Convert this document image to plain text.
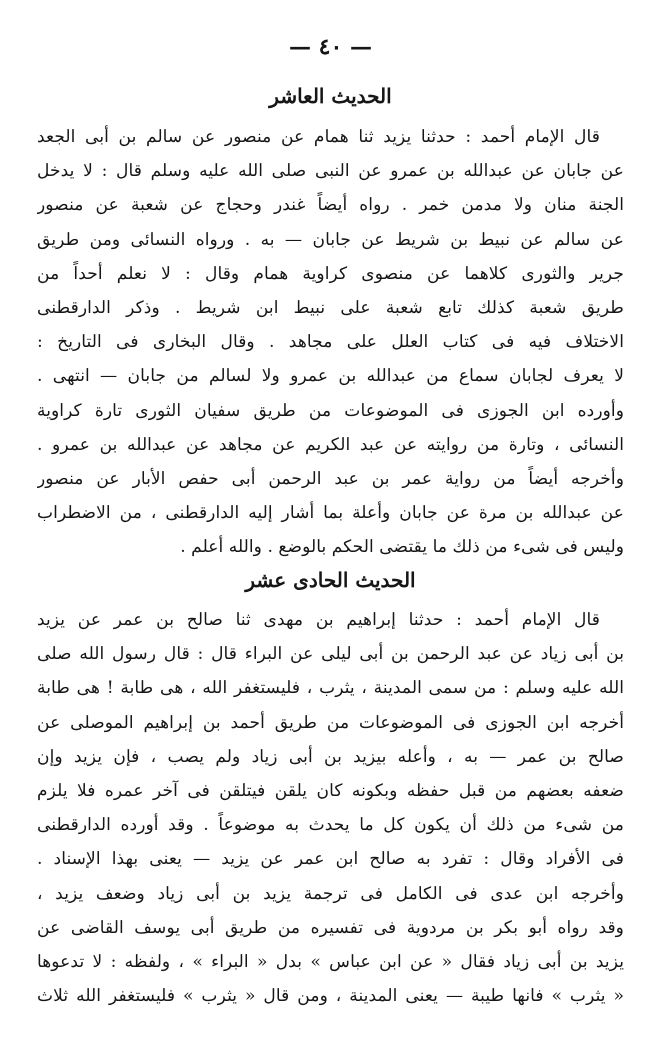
— ٤٠ —
الحديث العاشر
قال الإمام أحمد : حدثنا يزيد ثنا همام عن منصور عن سالم بن أبى الجعد
عن جابان عن عبدالله بن عمرو عن النبى صلى الله عليه وسلم قال : لا يدخل
الجنة منان ولا مدمن خمر . رواه أيضاً غندر وحجاج عن شعبة عن منصور
عن سالم عن نبيط بن شريط عن جابان — به . ورواه النسائى ومن طريق
جرير والثورى كلاهما عن منصوى كراوية همام وقال : لا نعلم أحداً من
طريق شعبة كذلك تابع شعبة على نبيط ابن شريط . وذكر الدارقطنى
الاختلاف فيه فى كتاب العلل على مجاهد . وقال البخارى فى التاريخ :
لا يعرف لجابان سماع من عبدالله بن عمرو ولا لسالم من جابان — انتهى .
وأورده ابن الجوزى فى الموضوعات من طريق سفيان الثورى تارة كراوية
النسائى ، وتارة من روايته عن عبد الكريم عن مجاهد عن عبدالله بن عمرو .
وأخرجه أيضاً من رواية عمر بن عبد الرحمن أبى حفص الأبار عن منصور
عن عبدالله بن مرة عن جابان وأعلة بما أشار إليه الدارقطنى ، من الاضطراب
وليس فى شىء من ذلك ما يقتضى الحكم بالوضع . والله أعلم .
الحديث الحادى عشر
قال الإمام أحمد : حدثنا إبراهيم بن مهدى ثنا صالح بن عمر عن يزيد
بن أبى زياد عن عبد الرحمن بن أبى ليلى عن البراء قال : قال رسول الله صلى
الله عليه وسلم : من سمى المدينة ، يثرب ، فليستغفر الله ، هى طابة ! هى طابة
أخرجه ابن الجوزى فى الموضوعات من طريق أحمد بن إبراهيم الموصلى عن
صالح بن عمر — به ، وأعله بيزيد بن أبى زياد ولم يصب ، فإن يزيد وإن
ضعفه بعضهم من قبل حفظه وبكونه كان يلقن فيتلقن فى آخر عمره فلا يلزم
من شىء من ذلك أن يكون كل ما يحدث به موضوعاً . وقد أورده الدارقطنى
فى الأفراد وقال : تفرد به صالح ابن عمر عن يزيد — يعنى بهذا الإسناد .
وأخرجه ابن عدى فى الكامل فى ترجمة يزيد بن أبى زياد وضعف يزيد ،
وقد رواه أبو بكر بن مردوية فى تفسيره من طريق أبى يوسف القاضى عن
يزيد بن أبى زياد فقال « عن ابن عباس » بدل « البراء » ، ولفظه : لا تدعوها
« يثرب » فانها طيبة — يعنى المدينة ، ومن قال « يثرب » فليستغفر الله ثلاث
